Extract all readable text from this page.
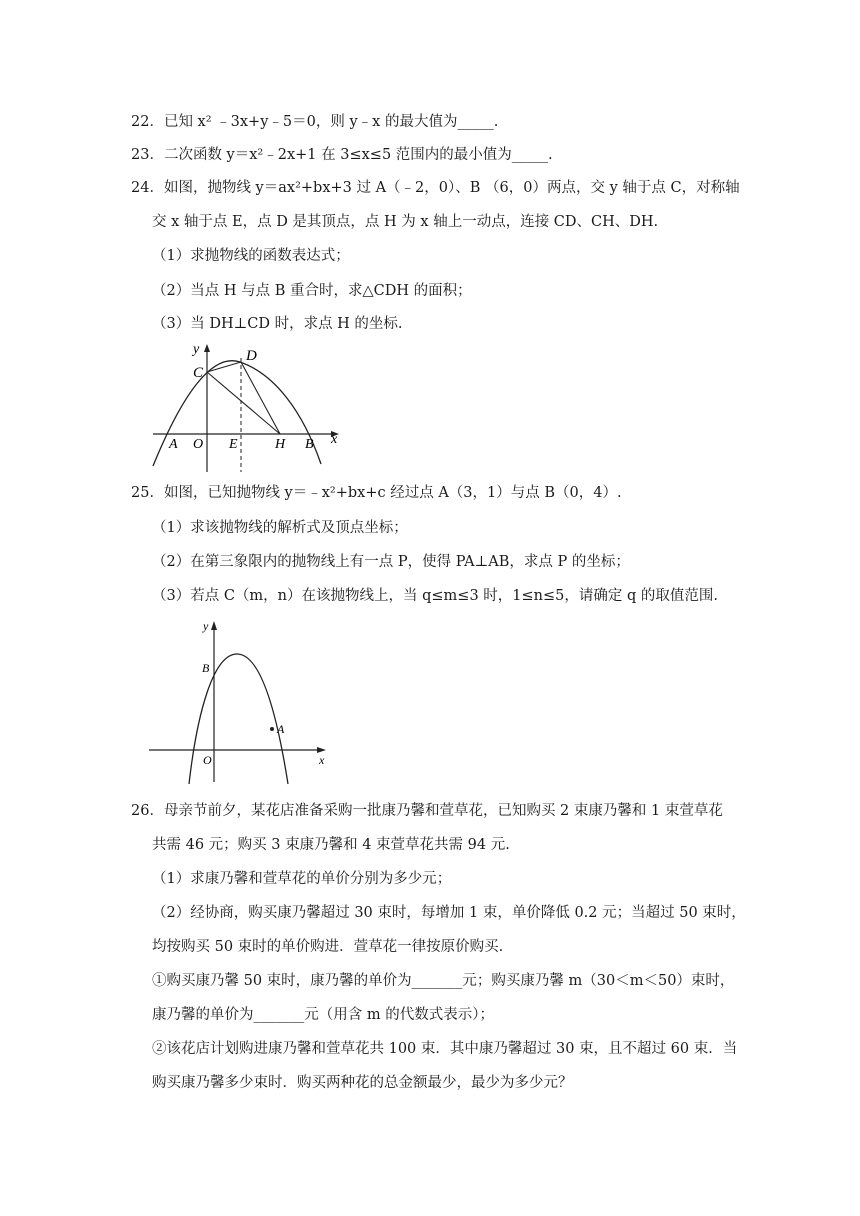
22．已知 x² ﹣3x+y﹣5＝0，则 y﹣x 的最大值为_____.
23．二次函数 y＝x²﹣2x+1 在 3≤x≤5 范围内的最小值为_____.
24．如图，抛物线 y＝ax²+bx+3 过 A（﹣2，0）、B （6，0）两点，交 y 轴于点 C，对称轴
交 x 轴于点 E，点 D 是其顶点，点 H 为 x 轴上一动点，连接 CD、CH、DH.
（1）求抛物线的函数表达式；
（2）当点 H 与点 B 重合时，求△CDH 的面积；
（3）当 DH⊥CD 时，求点 H 的坐标.
y
x
C
D
A O E	H B
25．如图，已知抛物线 y＝﹣x²+bx+c 经过点 A（3，1）与点 B（0，4）.
（1）求该抛物线的解析式及顶点坐标；
（2）在第三象限内的抛物线上有一点 P，使得 PA⊥AB，求点 P 的坐标；
（3）若点 C（m，n）在该抛物线上，当 q≤m≤3 时，1≤n≤5，请确定 q 的取值范围.
y
B
A
O	x
26．母亲节前夕，某花店准备采购一批康乃馨和萱草花，已知购买 2 束康乃馨和 1 束萱草花
共需 46 元；购买 3 束康乃馨和 4 束萱草花共需 94 元.
（1）求康乃馨和萱草花的单价分别为多少元；
（2）经协商，购买康乃馨超过 30 束时，每增加 1 束，单价降低 0.2 元；当超过 50 束时，
均按购买 50 束时的单价购进．萱草花一律按原价购买.
①购买康乃馨 50 束时，康乃馨的单价为_______元；购买康乃馨 m（30＜m＜50）束时，
康乃馨的单价为_______元（用含 m 的代数式表示）；
②该花店计划购进康乃馨和萱草花共 100 束．其中康乃馨超过 30 束，且不超过 60 束．当
购买康乃馨多少束时．购买两种花的总金额最少，最少为多少元？
